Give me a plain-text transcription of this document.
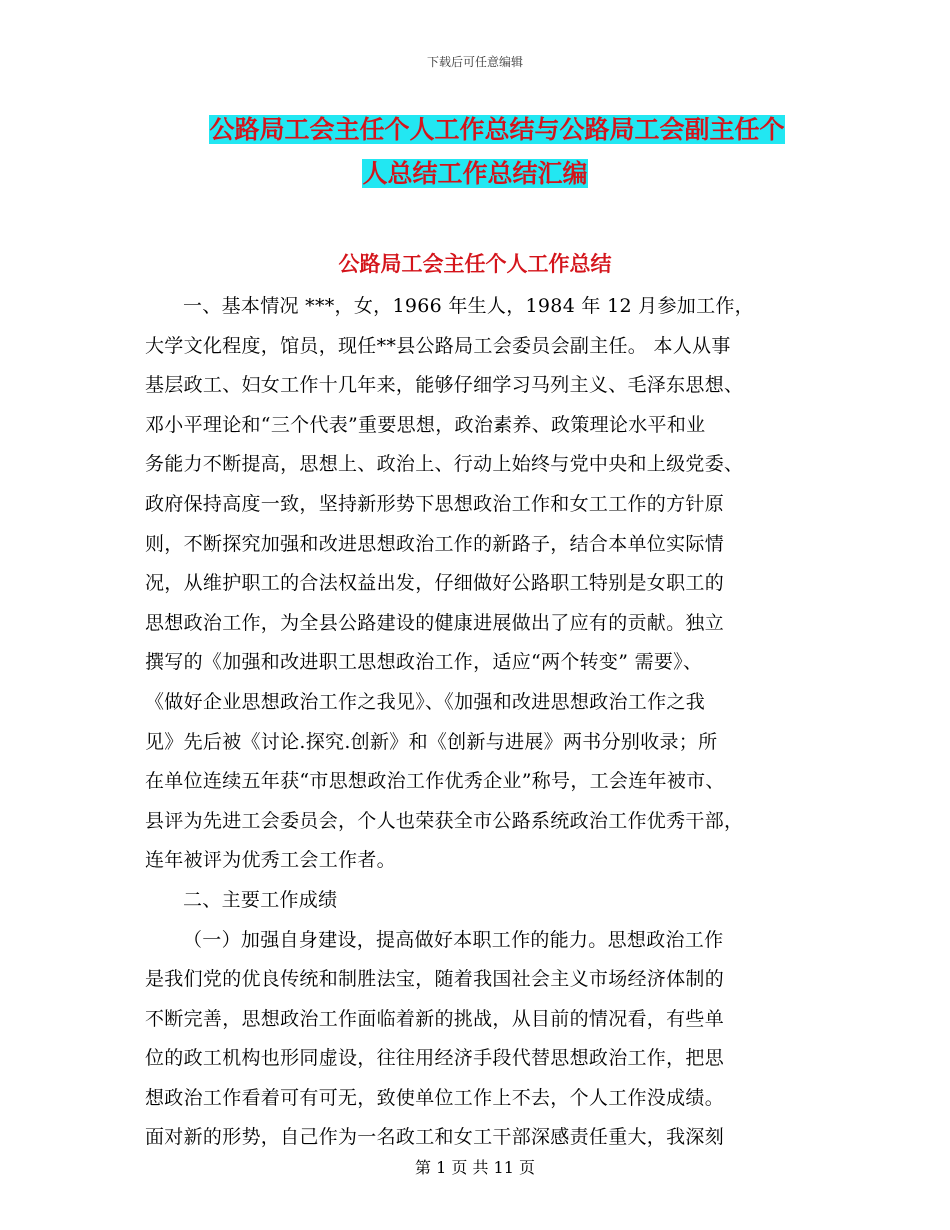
下载后可任意编辑
公路局工会主任个人工作总结与公路局工会副主任个
人总结工作总结汇编
公路局工会主任个人工作总结
一、基本情况 ***，女，1966 年生人，1984 年 12 月参加工作，
大学文化程度，馆员，现任**县公路局工会委员会副主任。 本人从事
基层政工、妇女工作十几年来，能够仔细学习马列主义、毛泽东思想、
邓小平理论和“三个代表”重要思想，政治素养、政策理论水平和业
务能力不断提高，思想上、政治上、行动上始终与党中央和上级党委、
政府保持高度一致，坚持新形势下思想政治工作和女工工作的方针原
则，不断探究加强和改进思想政治工作的新路子，结合本单位实际情
况，从维护职工的合法权益出发，仔细做好公路职工特别是女职工的
思想政治工作，为全县公路建设的健康进展做出了应有的贡献。独立
撰写的《加强和改进职工思想政治工作，适应“两个转变” 需要》、
《做好企业思想政治工作之我见》、《加强和改进思想政治工作之我
见》先后被《讨论.探究.创新》和《创新与进展》两书分别收录；所
在单位连续五年获“市思想政治工作优秀企业”称号，工会连年被市、
县评为先进工会委员会，个人也荣获全市公路系统政治工作优秀干部，
连年被评为优秀工会工作者。
二、主要工作成绩
（一）加强自身建设，提高做好本职工作的能力。思想政治工作
是我们党的优良传统和制胜法宝，随着我国社会主义市场经济体制的
不断完善，思想政治工作面临着新的挑战，从目前的情况看，有些单
位的政工机构也形同虚设，往往用经济手段代替思想政治工作，把思
想政治工作看着可有可无，致使单位工作上不去，个人工作没成绩。
面对新的形势，自己作为一名政工和女工干部深感责任重大，我深刻
第 1 页 共 11 页
